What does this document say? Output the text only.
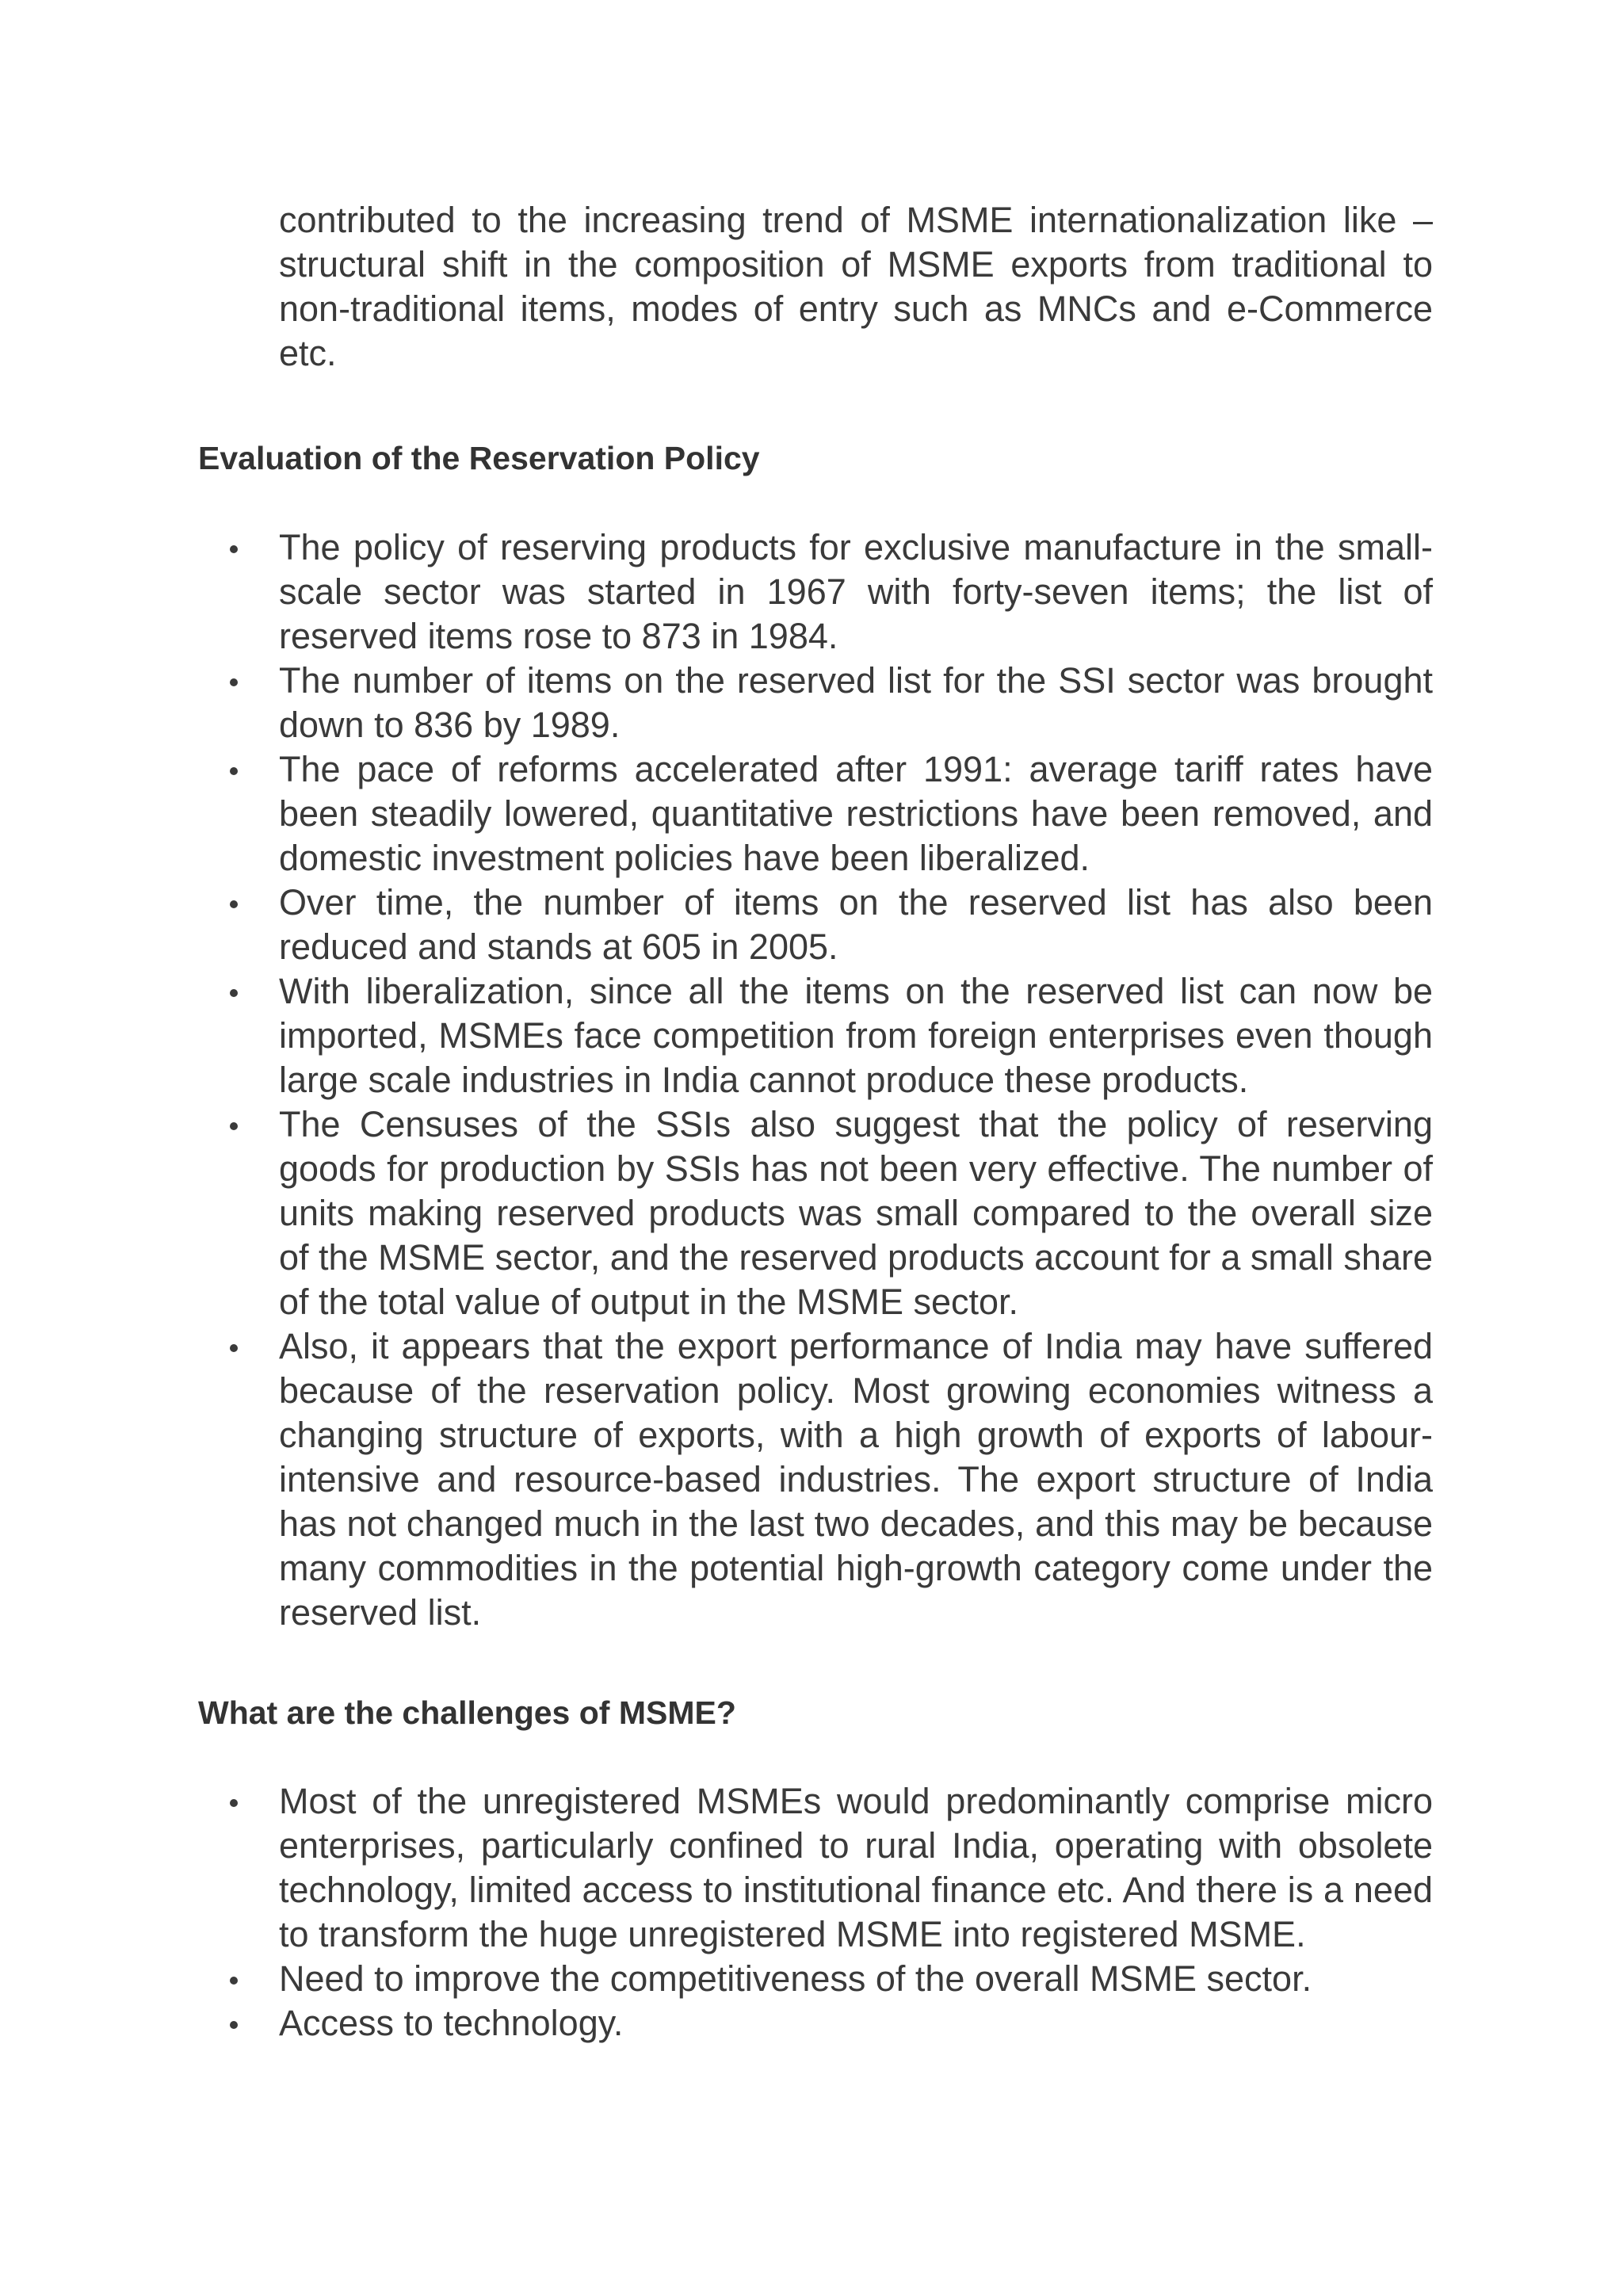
contributed to the increasing trend of MSME internationalization like – structural shift in the composition of MSME exports from traditional to non-traditional items, modes of entry such as MNCs and e-Commerce etc.

Evaluation of the Reservation Policy
The policy of reserving products for exclusive manufacture in the small-scale sector was started in 1967 with forty-seven items; the list of reserved items rose to 873 in 1984.
The number of items on the reserved list for the SSI sector was brought down to 836 by 1989.
The pace of reforms accelerated after 1991: average tariff rates have been steadily lowered, quantitative restrictions have been removed, and domestic investment policies have been liberalized.
Over time, the number of items on the reserved list has also been reduced and stands at 605 in 2005.
With liberalization, since all the items on the reserved list can now be imported, MSMEs face competition from foreign enterprises even though large scale industries in India cannot produce these products.
The Censuses of the SSIs also suggest that the policy of reserving goods for production by SSIs has not been very effective. The number of units making reserved products was small compared to the overall size of the MSME sector, and the reserved products account for a small share of the total value of output in the MSME sector.
Also, it appears that the export performance of India may have suffered because of the reservation policy. Most growing economies witness a changing structure of exports, with a high growth of exports of labour-intensive and resource-based industries. The export structure of India has not changed much in the last two decades, and this may be because many commodities in the potential high-growth category come under the reserved list.
What are the challenges of MSME?
Most of the unregistered MSMEs would predominantly comprise micro enterprises, particularly confined to rural India, operating with obsolete technology, limited access to institutional finance etc. And there is a need to transform the huge unregistered MSME into registered MSME.
Need to improve the competitiveness of the overall MSME sector.
Access to technology.
